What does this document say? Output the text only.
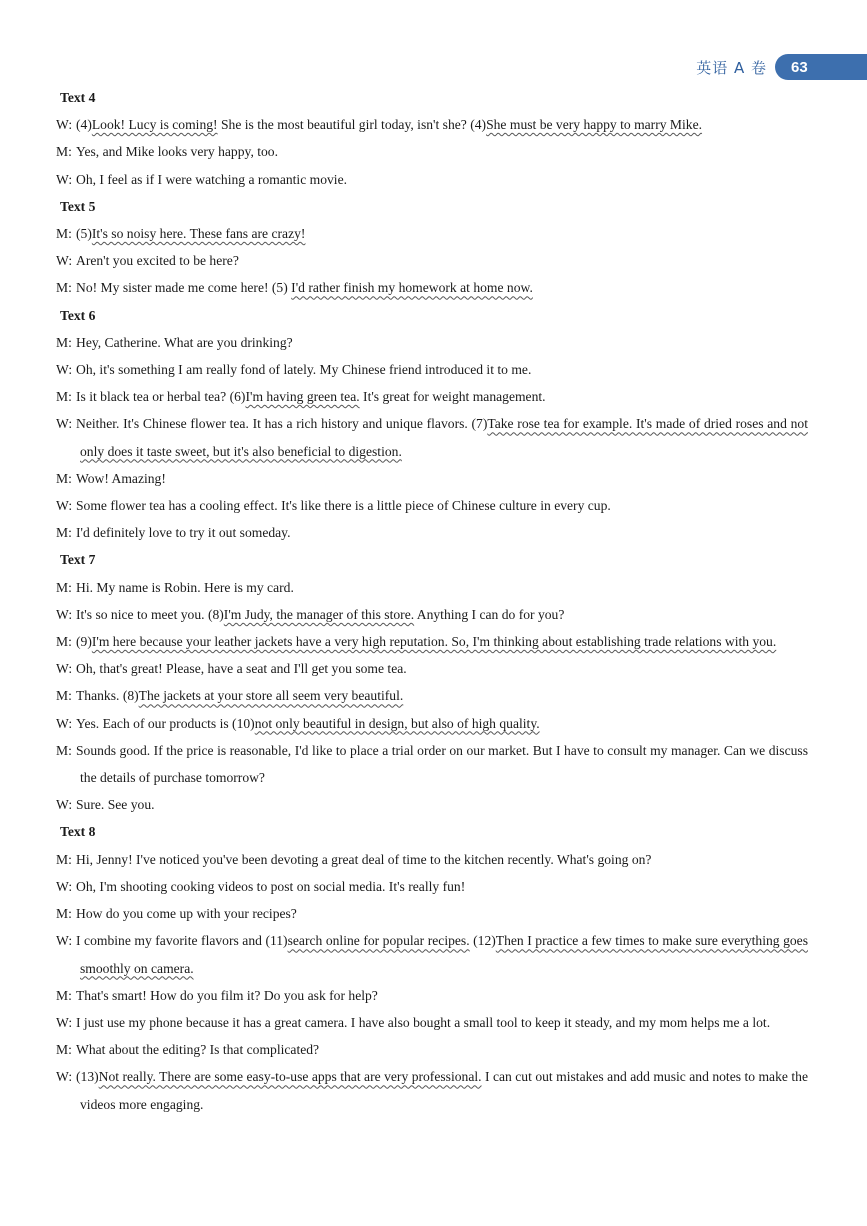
英语 A 卷 63
Text 4
W: (4)Look! Lucy is coming! She is the most beautiful girl today, isn't she? (4)She must be very happy to marry Mike.
M: Yes, and Mike looks very happy, too.
W: Oh, I feel as if I were watching a romantic movie.
Text 5
M: (5)It's so noisy here. These fans are crazy!
W: Aren't you excited to be here?
M: No! My sister made me come here! (5) I'd rather finish my homework at home now.
Text 6
M: Hey, Catherine. What are you drinking?
W: Oh, it's something I am really fond of lately. My Chinese friend introduced it to me.
M: Is it black tea or herbal tea? (6)I'm having green tea. It's great for weight management.
W: Neither. It's Chinese flower tea. It has a rich history and unique flavors. (7)Take rose tea for example. It's made of dried roses and not only does it taste sweet, but it's also beneficial to digestion.
M: Wow! Amazing!
W: Some flower tea has a cooling effect. It's like there is a little piece of Chinese culture in every cup.
M: I'd definitely love to try it out someday.
Text 7
M: Hi. My name is Robin. Here is my card.
W: It's so nice to meet you. (8)I'm Judy, the manager of this store. Anything I can do for you?
M: (9)I'm here because your leather jackets have a very high reputation. So, I'm thinking about establishing trade relations with you.
W: Oh, that's great! Please, have a seat and I'll get you some tea.
M: Thanks. (8)The jackets at your store all seem very beautiful.
W: Yes. Each of our products is (10)not only beautiful in design, but also of high quality.
M: Sounds good. If the price is reasonable, I'd like to place a trial order on our market. But I have to consult my manager. Can we discuss the details of purchase tomorrow?
W: Sure. See you.
Text 8
M: Hi, Jenny! I've noticed you've been devoting a great deal of time to the kitchen recently. What's going on?
W: Oh, I'm shooting cooking videos to post on social media. It's really fun!
M: How do you come up with your recipes?
W: I combine my favorite flavors and (11)search online for popular recipes. (12)Then I practice a few times to make sure everything goes smoothly on camera.
M: That's smart! How do you film it? Do you ask for help?
W: I just use my phone because it has a great camera. I have also bought a small tool to keep it steady, and my mom helps me a lot.
M: What about the editing? Is that complicated?
W: (13)Not really. There are some easy-to-use apps that are very professional. I can cut out mistakes and add music and notes to make the videos more engaging.
